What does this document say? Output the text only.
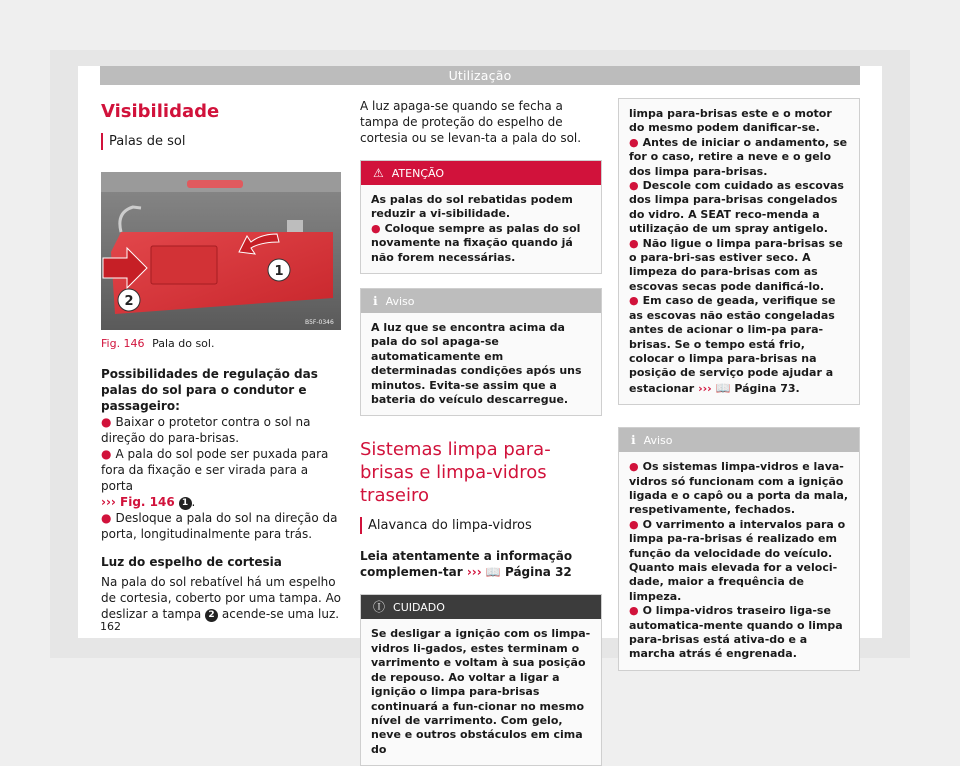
Utilização
Visibilidade
Palas de sol
1
2
B5F-0346
Fig. 146 Pala do sol.

Possibilidades de regulação das palas do sol para o condutor e passageiro:

● Baixar o protetor contra o sol na direção do para-brisas.

● A pala do sol pode ser puxada para fora da fixação e ser virada para a porta
››› Fig. 146 1 .

● Desloque a pala do sol na direção da porta, longitudinalmente para trás.

Luz do espelho de cortesia

Na pala do sol rebatível há um espelho de cortesia, coberto por uma tampa. Ao deslizar a tampa 2 acende-se uma luz.

A luz apaga-se quando se fecha a tampa de proteção do espelho de cortesia ou se levan-ta a pala do sol.

⚠ ATENÇÃO

As palas do sol rebatidas podem reduzir a vi-sibilidade.

● Coloque sempre as palas do sol novamente na fixação quando já não forem necessárias.

ℹ Aviso

A luz que se encontra acima da pala do sol apaga-se automaticamente em determinadas condições após uns minutos. Evita-se assim que a bateria do veículo descarregue.

Sistemas limpa para-brisas e limpa-vidros traseiro

Alavanca do limpa-vidros

Leia atentamente a informação complemen-tar ››› 📖 Página 32

Ⓘ CUIDADO

Se desligar a ignição com os limpa-vidros li-gados, estes terminam o varrimento e voltam à sua posição de repouso. Ao voltar a ligar a ignição o limpa para-brisas continuará a fun-cionar no mesmo nível de varrimento. Com gelo, neve e outros obstáculos em cima do

limpa para-brisas este e o motor do mesmo podem danificar-se.

● Antes de iniciar o andamento, se for o caso, retire a neve e o gelo dos limpa para-brisas.

● Descole com cuidado as escovas dos limpa para-brisas congelados do vidro. A SEAT reco-menda a utilização de um spray antigelo.

● Não ligue o limpa para-brisas se o para-bri-sas estiver seco. A limpeza do para-brisas com as escovas secas pode danificá-lo.

● Em caso de geada, verifique se as escovas não estão congeladas antes de acionar o lim-pa para-brisas. Se o tempo está frio, colocar o limpa para-brisas na posição de serviço pode ajudar a estacionar ››› 📖 Página 73.

ℹ Aviso

● Os sistemas limpa-vidros e lava-vidros só funcionam com a ignição ligada e o capô ou a porta da mala, respetivamente, fechados.

● O varrimento a intervalos para o limpa pa-ra-brisas é realizado em função da velocidade do veículo. Quanto mais elevada for a veloci-dade, maior a frequência de limpeza.

● O limpa-vidros traseiro liga-se automatica-mente quando o limpa para-brisas está ativa-do e a marcha atrás é engrenada.

162
